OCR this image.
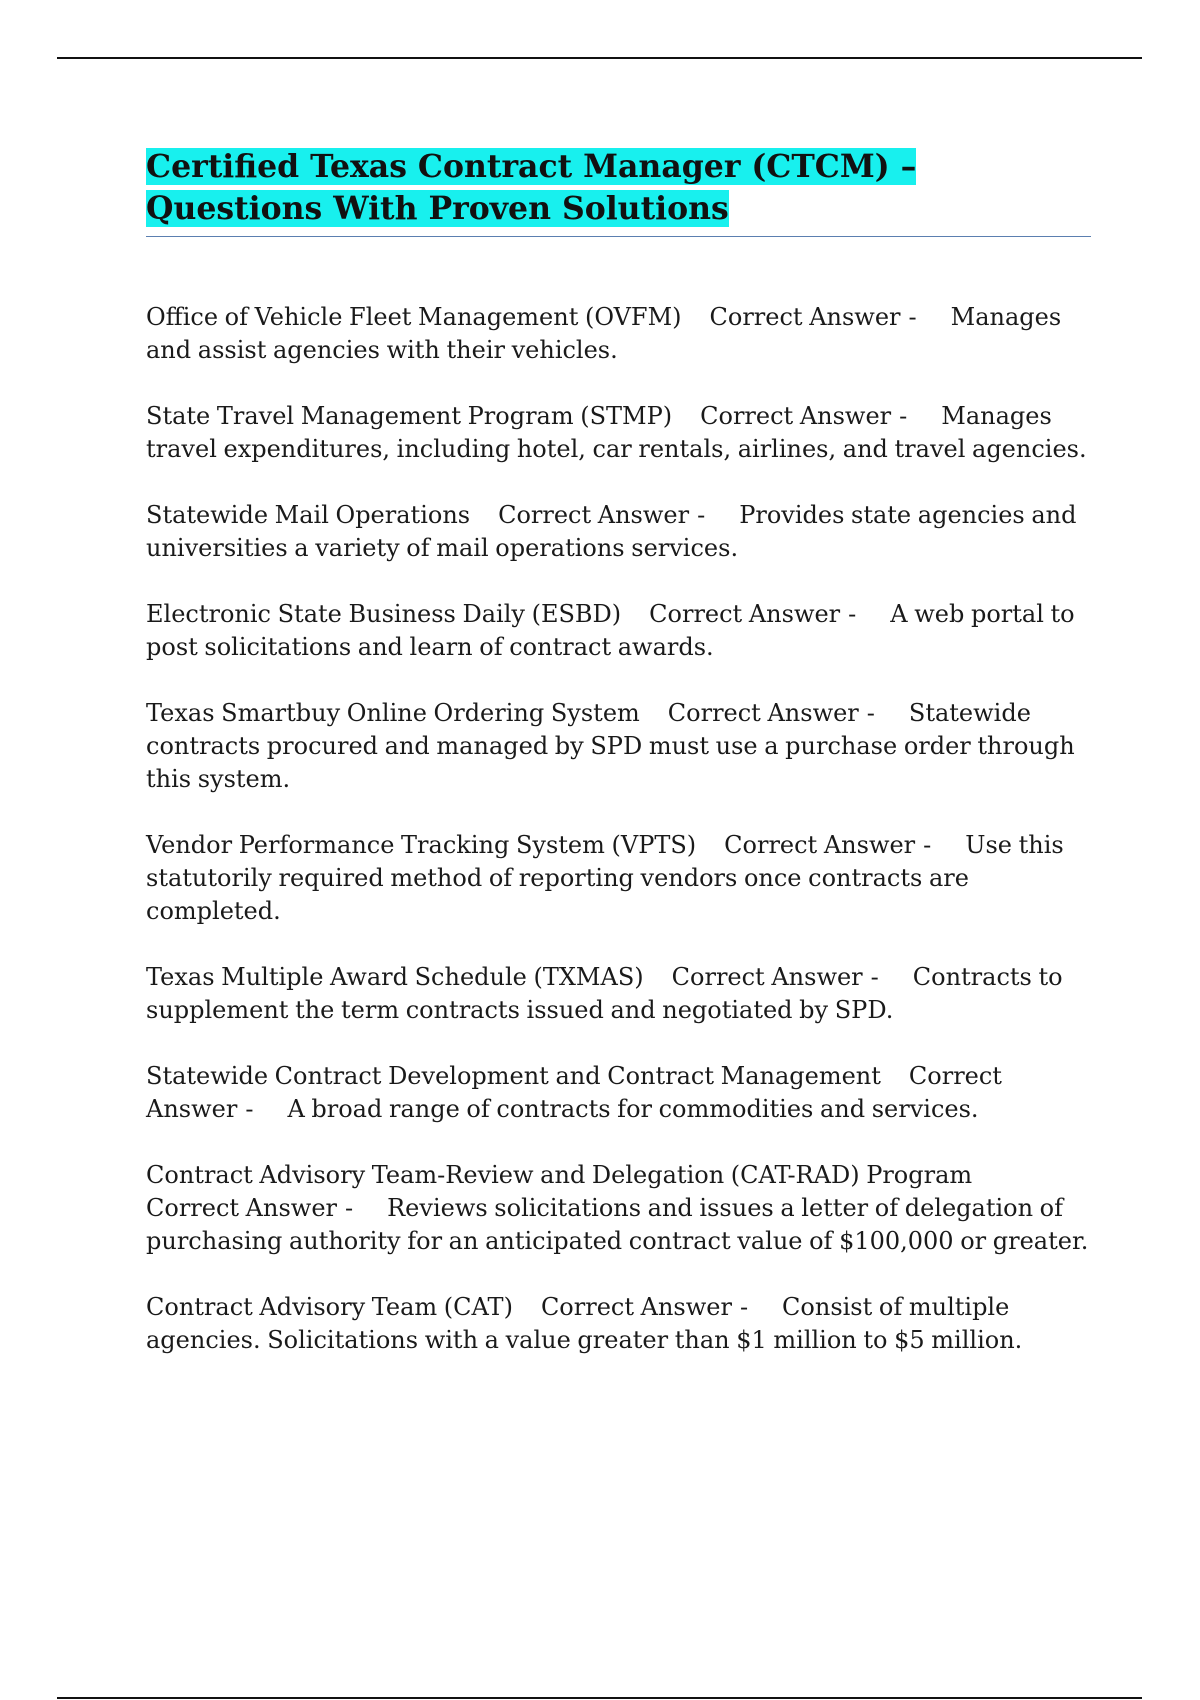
Certified Texas Contract Manager (CTCM) – Questions With Proven Solutions

Office of Vehicle Fleet Management (OVFM) Correct Answer - Manages and assist agencies with their vehicles.

State Travel Management Program (STMP) Correct Answer - Manages travel expenditures, including hotel, car rentals, airlines, and travel agencies.

Statewide Mail Operations Correct Answer - Provides state agencies and universities a variety of mail operations services.

Electronic State Business Daily (ESBD) Correct Answer - A web portal to post solicitations and learn of contract awards.

Texas Smartbuy Online Ordering System Correct Answer - Statewide contracts procured and managed by SPD must use a purchase order through this system.

Vendor Performance Tracking System (VPTS) Correct Answer - Use this statutorily required method of reporting vendors once contracts are completed.

Texas Multiple Award Schedule (TXMAS) Correct Answer - Contracts to supplement the term contracts issued and negotiated by SPD.

Statewide Contract Development and Contract Management Correct Answer - A broad range of contracts for commodities and services.

Contract Advisory Team-Review and Delegation (CAT-RAD) ProgramCorrect Answer - Reviews solicitations and issues a letter of delegation of purchasing authority for an anticipated contract value of $100,000 or greater.

Contract Advisory Team (CAT) Correct Answer - Consist of multiple agencies. Solicitations with a value greater than $1 million to $5 million.
